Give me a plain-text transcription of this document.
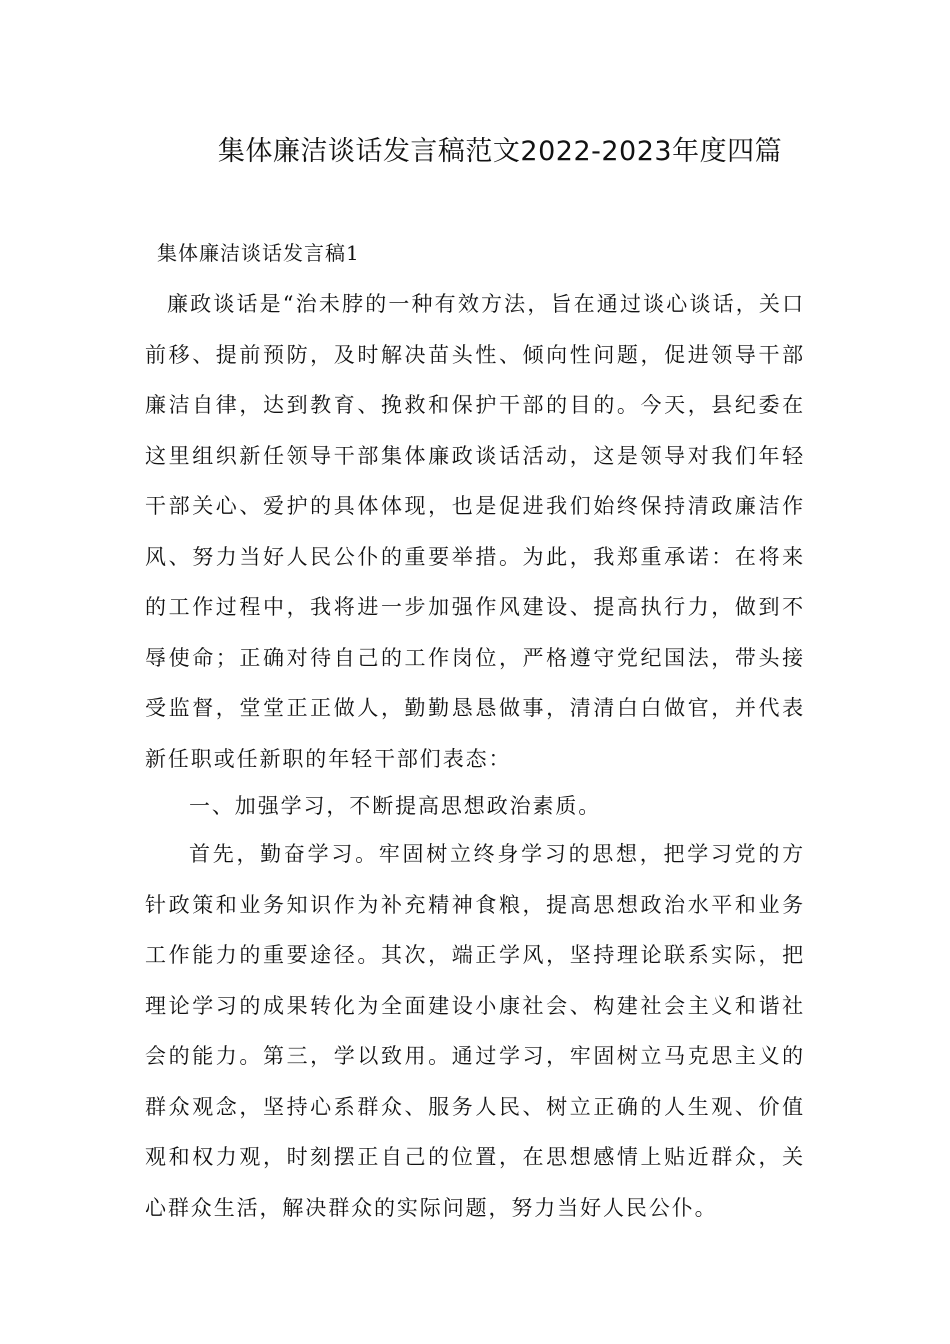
集体廉洁谈话发言稿范文2022-2023年度四篇
集体廉洁谈话发言稿1

廉政谈话是“治未脖的一种有效方法，旨在通过谈心谈话，关口前移、提前预防，及时解决苗头性、倾向性问题，促进领导干部廉洁自律，达到教育、挽救和保护干部的目的。今天，县纪委在这里组织新任领导干部集体廉政谈话活动，这是领导对我们年轻干部关心、爱护的具体体现，也是促进我们始终保持清政廉洁作风、努力当好人民公仆的重要举措。为此，我郑重承诺：在将来的工作过程中，我将进一步加强作风建设、提高执行力，做到不辱使命；正确对待自己的工作岗位，严格遵守党纪国法，带头接受监督，堂堂正正做人，勤勤恳恳做事，清清白白做官，并代表新任职或任新职的年轻干部们表态：

一、加强学习，不断提高思想政治素质。

首先，勤奋学习。牢固树立终身学习的思想，把学习党的方针政策和业务知识作为补充精神食粮，提高思想政治水平和业务工作能力的重要途径。其次，端正学风，坚持理论联系实际，把理论学习的成果转化为全面建设小康社会、构建社会主义和谐社会的能力。第三，学以致用。通过学习，牢固树立马克思主义的群众观念，坚持心系群众、服务人民、树立正确的人生观、价值观和权力观，时刻摆正自己的位置，在思想感情上贴近群众，关心群众生活，解决群众的实际问题，努力当好人民公仆。
